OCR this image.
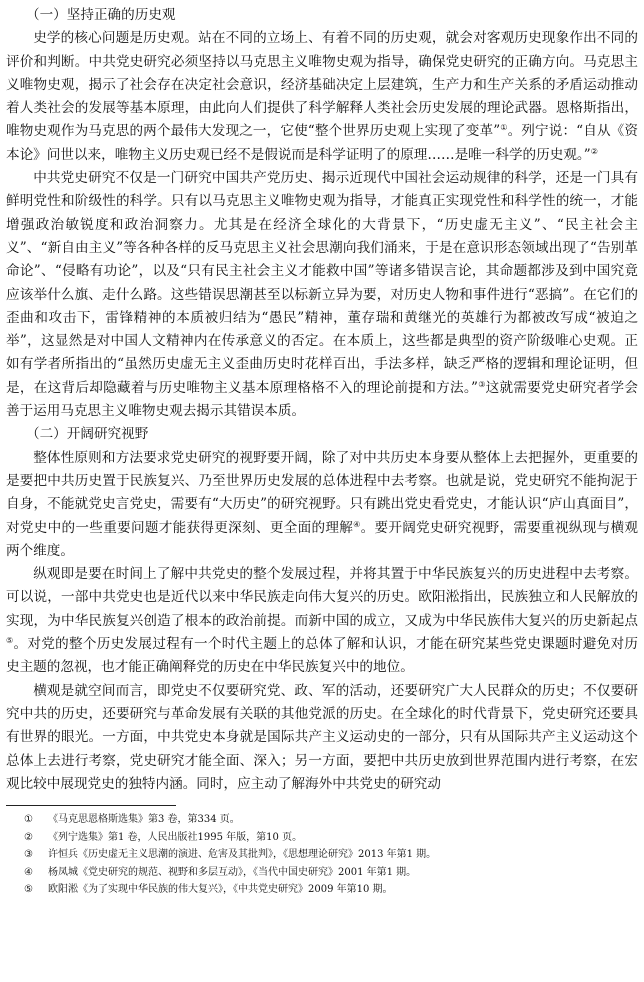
（一）坚持正确的历史观

史学的核心问题是历史观。站在不同的立场上、有着不同的历史观，就会对客观历史现象作出不同的评价和判断。中共党史研究必须坚持以马克思主义唯物史观为指导，确保党史研究的正确方向。马克思主义唯物史观，揭示了社会存在决定社会意识，经济基础决定上层建筑，生产力和生产关系的矛盾运动推动着人类社会的发展等基本原理，由此向人们提供了科学解释人类社会历史发展的理论武器。恩格斯指出，唯物史观作为马克思的两个最伟大发现之一，它使“整个世界历史观上实现了变革”①。列宁说：“自从《资本论》问世以来，唯物主义历史观已经不是假说而是科学证明了的原理……是唯一科学的历史观。”②

中共党史研究不仅是一门研究中国共产党历史、揭示近现代中国社会运动规律的科学，还是一门具有鲜明党性和阶级性的科学。只有以马克思主义唯物史观为指导，才能真正实现党性和科学性的统一，才能增强政治敏锐度和政治洞察力。尤其是在经济全球化的大背景下，“历史虚无主义”、“民主社会主义”、“新自由主义”等各种各样的反马克思主义社会思潮向我们涌来，于是在意识形态领域出现了“告别革命论”、“侵略有功论”，以及“只有民主社会主义才能救中国”等诸多错误言论，其命题都涉及到中国究竟应该举什么旗、走什么路。这些错误思潮甚至以标新立异为要，对历史人物和事件进行“恶搞”。在它们的歪曲和攻击下，雷锋精神的本质被归结为“愚民”精神，董存瑞和黄继光的英雄行为都被改写成“被迫之举”，这显然是对中国人文精神内在传承意义的否定。在本质上，这些都是典型的资产阶级唯心史观。正如有学者所指出的“虽然历史虚无主义歪曲历史时花样百出，手法多样，缺乏严格的逻辑和理论证明，但是，在这背后却隐藏着与历史唯物主义基本原理格格不入的理论前提和方法。”③这就需要党史研究者学会善于运用马克思主义唯物史观去揭示其错误本质。

（二）开阔研究视野

整体性原则和方法要求党史研究的视野要开阔，除了对中共历史本身要从整体上去把握外，更重要的是要把中共历史置于民族复兴、乃至世界历史发展的总体进程中去考察。也就是说，党史研究不能拘泥于自身，不能就党史言党史，需要有“大历史”的研究视野。只有跳出党史看党史，才能认识“庐山真面目”，对党史中的一些重要问题才能获得更深刻、更全面的理解④。要开阔党史研究视野，需要重视纵现与横观两个维度。

纵观即是要在时间上了解中共党史的整个发展过程，并将其置于中华民族复兴的历史进程中去考察。可以说，一部中共党史也是近代以来中华民族走向伟大复兴的历史。欧阳淞指出，民族独立和人民解放的实现，为中华民族复兴创造了根本的政治前提。而新中国的成立，又成为中华民族伟大复兴的历史新起点⑤。对党的整个历史发展过程有一个时代主题上的总体了解和认识，才能在研究某些党史课题时避免对历史主题的忽视，也才能正确阐释党的历史在中华民族复兴中的地位。

横观是就空间而言，即党史不仅要研究党、政、军的活动，还要研究广大人民群众的历史；不仅要研究中共的历史，还要研究与革命发展有关联的其他党派的历史。在全球化的时代背景下，党史研究还要具有世界的眼光。一方面，中共党史本身就是国际共产主义运动史的一部分，只有从国际共产主义运动这个总体上去进行考察，党史研究才能全面、深入；另一方面，要把中共历史放到世界范围内进行考察，在宏观比较中展现党史的独特内涵。同时，应主动了解海外中共党史的研究动

① 《马克思恩格斯选集》第3 卷，第334 页。
② 《列宁选集》第1 卷，人民出版社1995 年版，第10 页。
③ 许恒兵《历史虚无主义思潮的演进、危害及其批判》，《思想理论研究》2013 年第1 期。
④ 杨凤城《党史研究的规范、视野和多层互动》，《当代中国史研究》2001 年第1 期。
⑤ 欧阳淞《为了实现中华民族的伟大复兴》，《中共党史研究》2009 年第10 期。
